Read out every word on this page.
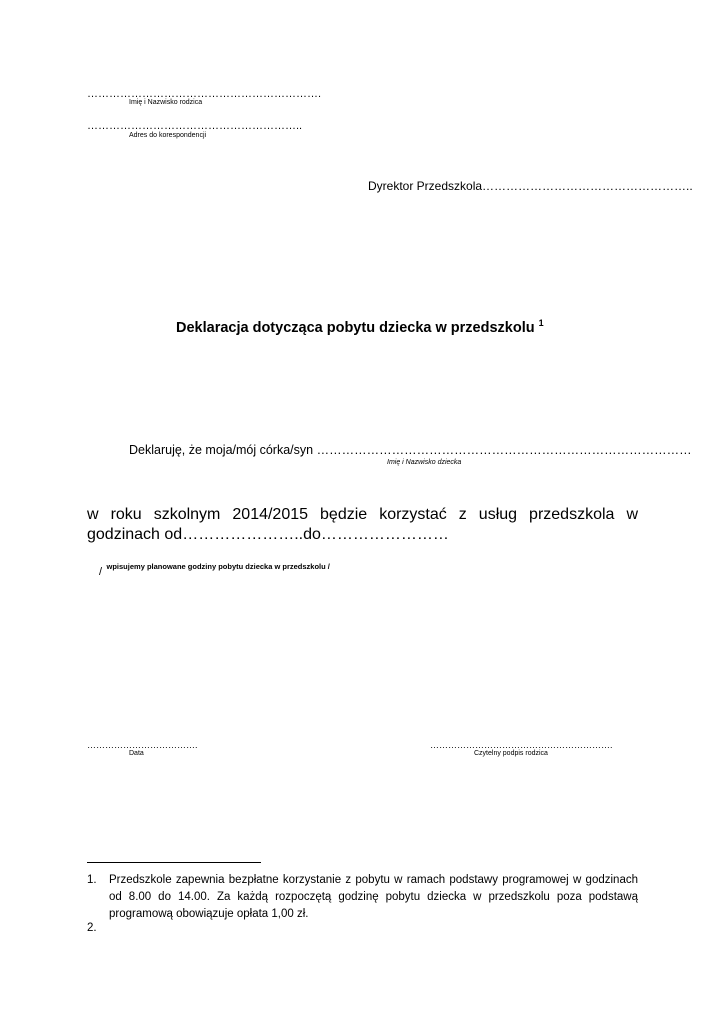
……………………………………………………….
Imię i Nazwisko rodzica
…………………………………………………..
Adres do korespondencji
Dyrektor Przedszkola……………………………………………..
Deklaracja dotycząca pobytu dziecka w przedszkolu $^1$
Deklaruję, że moja/mój córka/syn ………………………………………………………………………………
Imię i Nazwisko dziecka
w roku szkolnym 2014/2015 będzie korzystać z usług przedszkola w godzinach od…………………..do……………………
$_/$ wpisujemy planowane godziny pobytu dziecka w przedszkolu /
……………………………….
Data
…………………………………………………….
Czytelny podpis rodzica
1. Przedszkole zapewnia bezpłatne korzystanie z pobytu w ramach podstawy programowej w godzinach od 8.00 do 14.00. Za każdą rozpoczętą godzinę pobytu dziecka w przedszkolu poza podstawą programową obowiązuje opłata 1,00 zł.
2.
